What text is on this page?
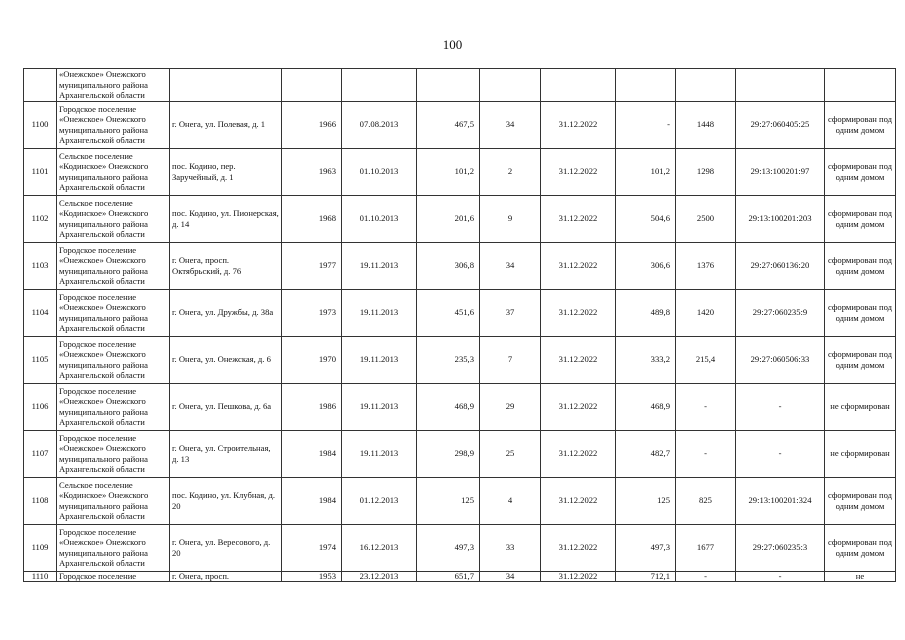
100
	«Онежское» Онежского муниципального района Архангельской области										
1100	Городское поселение «Онежское» Онежского муниципального района Архангельской области	г. Онега, ул. Полевая, д. 1	1966	07.08.2013	467,5	34	31.12.2022	-	1448	29:27:060405:25	сформирован под одним домом
1101	Сельское поселение «Кодинское» Онежского муниципального района Архангельской области	пос. Кодино, пер. Заручейный, д. 1	1963	01.10.2013	101,2	2	31.12.2022	101,2	1298	29:13:100201:97	сформирован под одним домом
1102	Сельское поселение «Кодинское» Онежского муниципального района Архангельской области	пос. Кодино, ул. Пионерская, д. 14	1968	01.10.2013	201,6	9	31.12.2022	504,6	2500	29:13:100201:203	сформирован под одним домом
1103	Городское поселение «Онежское» Онежского муниципального района Архангельской области	г. Онега, просп. Октябрьский, д. 76	1977	19.11.2013	306,8	34	31.12.2022	306,6	1376	29:27:060136:20	сформирован под одним домом
1104	Городское поселение «Онежское» Онежского муниципального района Архангельской области	г. Онега, ул. Дружбы, д. 38а	1973	19.11.2013	451,6	37	31.12.2022	489,8	1420	29:27:060235:9	сформирован под одним домом
1105	Городское поселение «Онежское» Онежского муниципального района Архангельской области	г. Онега, ул. Онежская, д. 6	1970	19.11.2013	235,3	7	31.12.2022	333,2	215,4	29:27:060506:33	сформирован под одним домом
1106	Городское поселение «Онежское» Онежского муниципального района Архангельской области	г. Онега, ул. Пешкова, д. 6а	1986	19.11.2013	468,9	29	31.12.2022	468,9	-	-	не сформирован
1107	Городское поселение «Онежское» Онежского муниципального района Архангельской области	г. Онега, ул. Строительная, д. 13	1984	19.11.2013	298,9	25	31.12.2022	482,7	-	-	не сформирован
1108	Сельское поселение «Кодинское» Онежского муниципального района Архангельской области	пос. Кодино, ул. Клубная, д. 20	1984	01.12.2013	125	4	31.12.2022	125	825	29:13:100201:324	сформирован под одним домом
1109	Городское поселение «Онежское» Онежского муниципального района Архангельской области	г. Онега, ул. Вересового, д. 20	1974	16.12.2013	497,3	33	31.12.2022	497,3	1677	29:27:060235:3	сформирован под одним домом
1110	Городское поселение	г. Онега, просп.	1953	23.12.2013	651,7	34	31.12.2022	712,1	-	-	не
